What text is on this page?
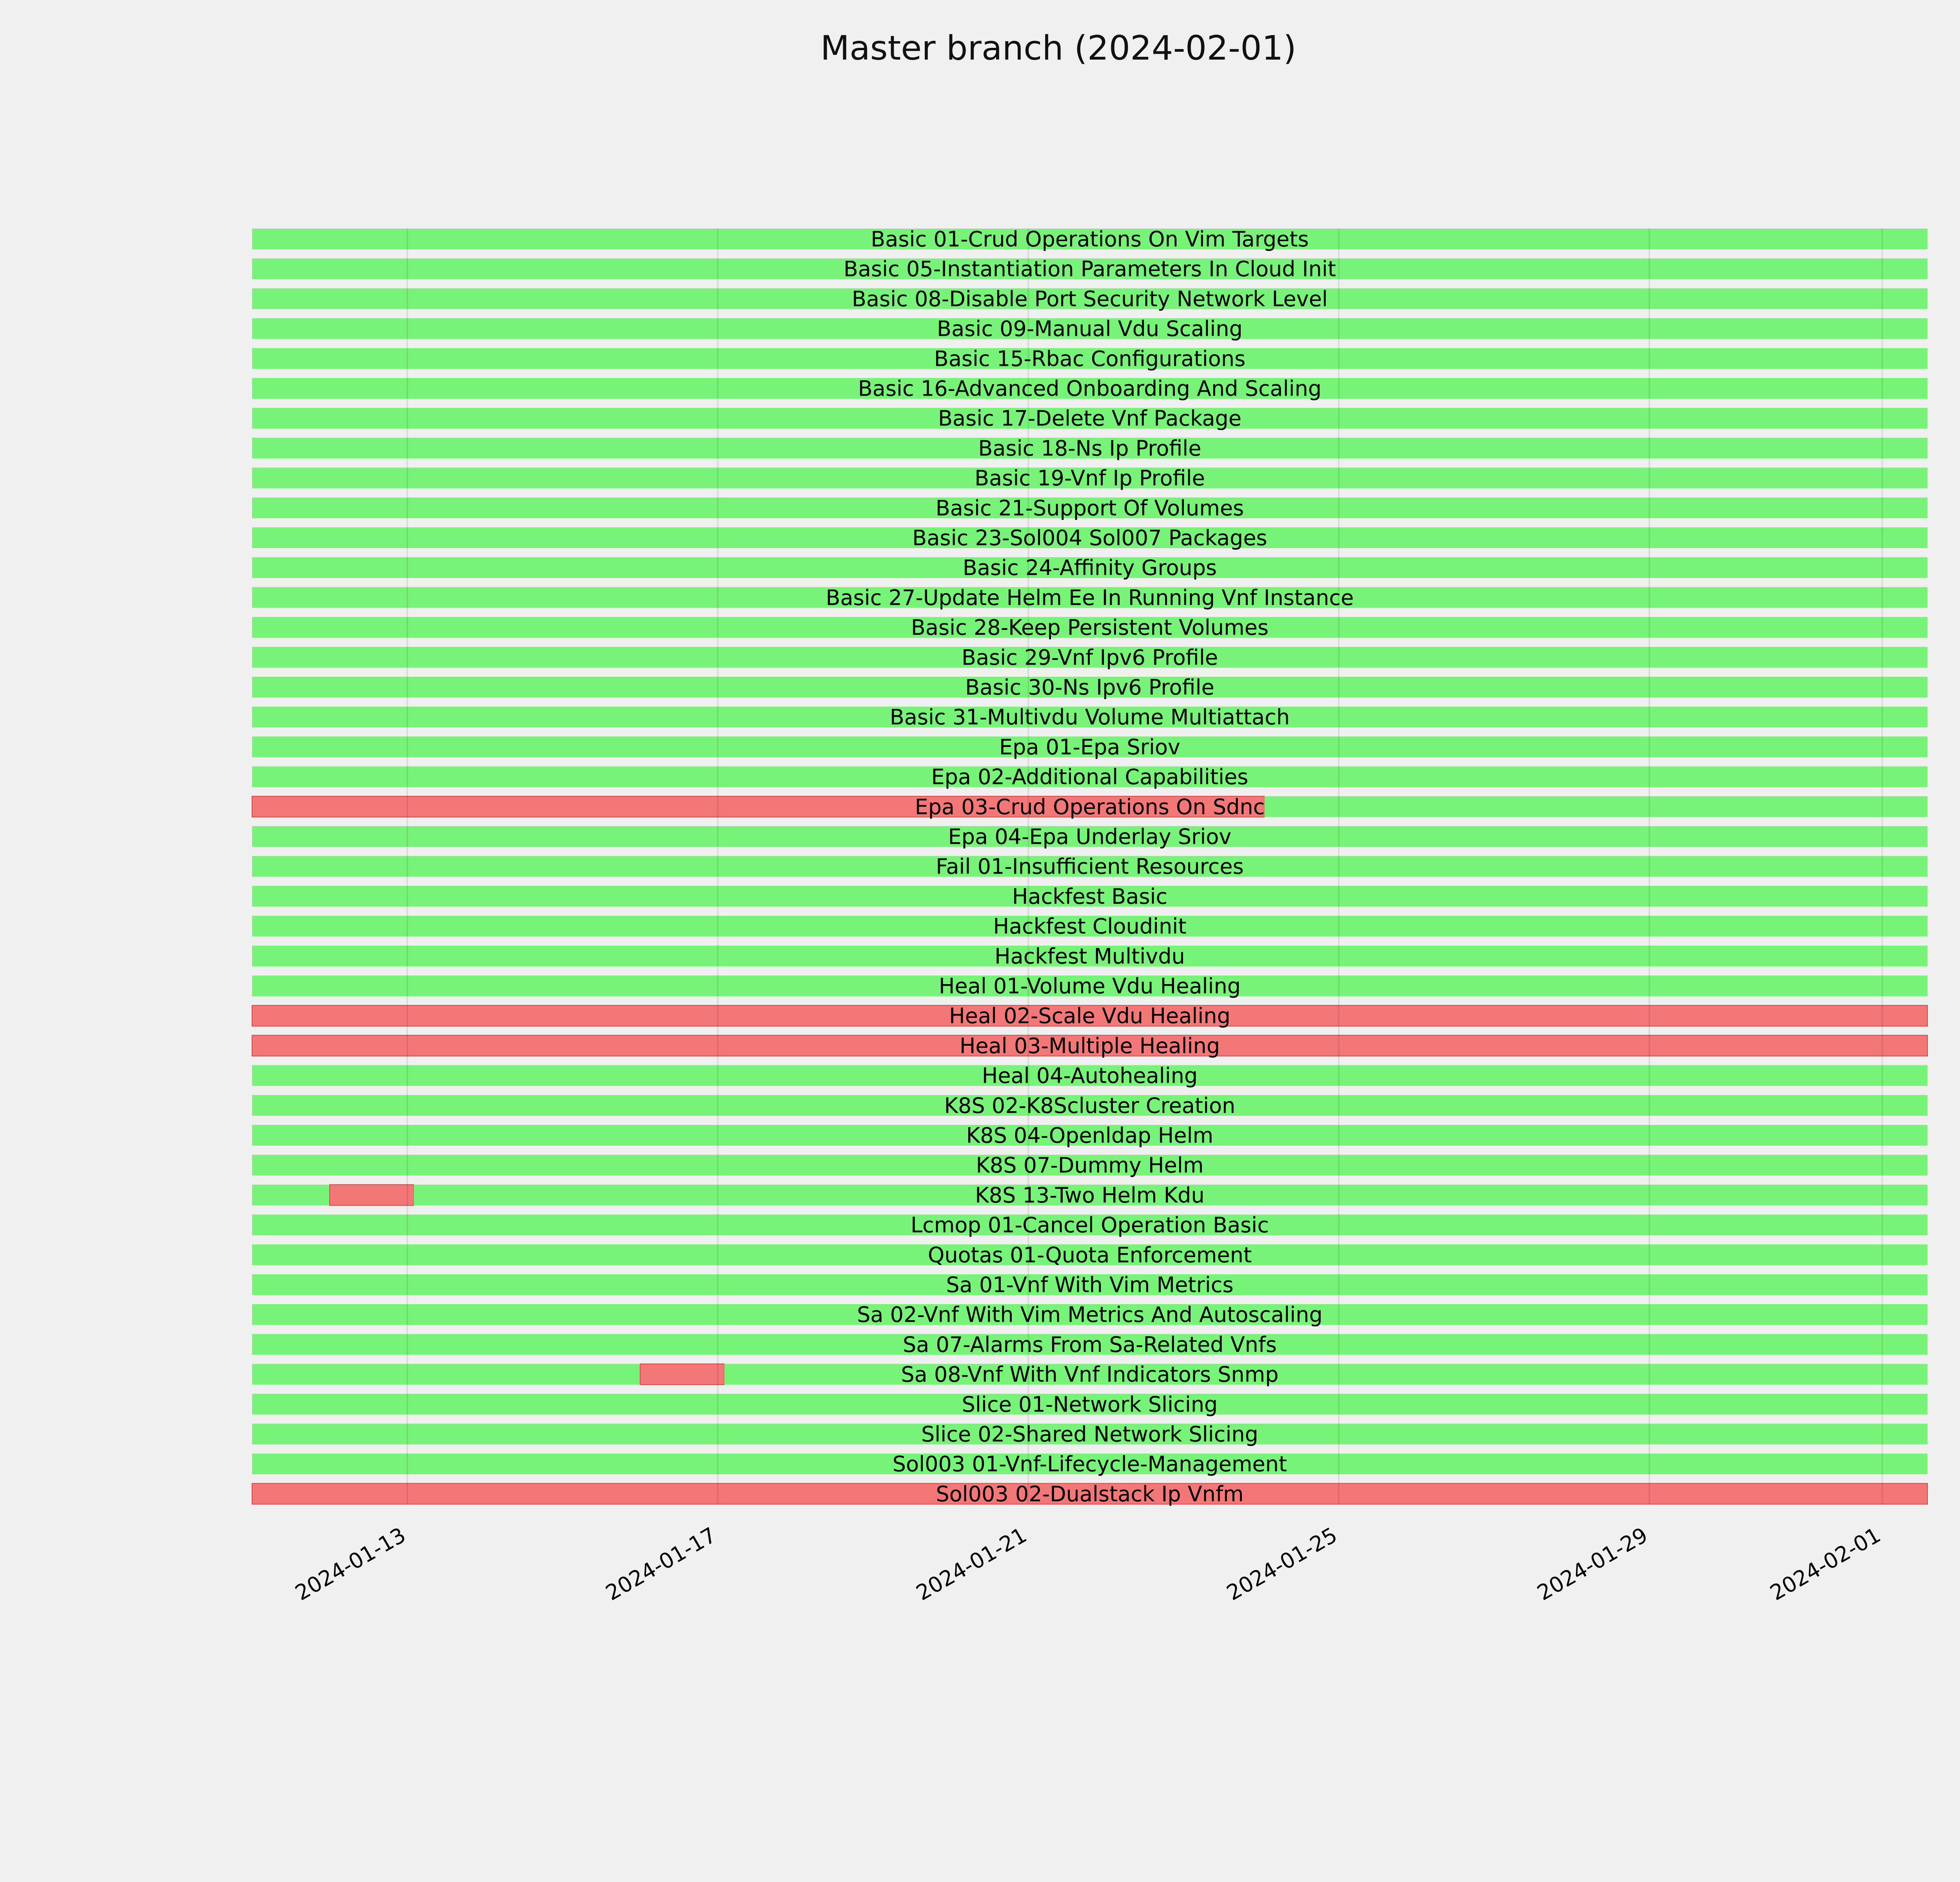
Master branch (2024-02-01)
Basic 01-Crud Operations On Vim Targets
Basic 05-Instantiation Parameters In Cloud Init
Basic 08-Disable Port Security Network Level
Basic 09-Manual Vdu Scaling
Basic 15-Rbac Configurations
Basic 16-Advanced Onboarding And Scaling
Basic 17-Delete Vnf Package
Basic 18-Ns Ip Profile
Basic 19-Vnf Ip Profile
Basic 21-Support Of Volumes
Basic 23-Sol004 Sol007 Packages
Basic 24-Affinity Groups
Basic 27-Update Helm Ee In Running Vnf Instance
Basic 28-Keep Persistent Volumes
Basic 29-Vnf Ipv6 Profile
Basic 30-Ns Ipv6 Profile
Basic 31-Multivdu Volume Multiattach
Epa 01-Epa Sriov
Epa 02-Additional Capabilities
Epa 03-Crud Operations On Sdnc
Epa 04-Epa Underlay Sriov
Fail 01-Insufficient Resources
Hackfest Basic
Hackfest Cloudinit
Hackfest Multivdu
Heal 01-Volume Vdu Healing
Heal 02-Scale Vdu Healing
Heal 03-Multiple Healing
Heal 04-Autohealing
K8S 02-K8Scluster Creation
K8S 04-Openldap Helm
K8S 07-Dummy Helm
K8S 13-Two Helm Kdu
Lcmop 01-Cancel Operation Basic
Quotas 01-Quota Enforcement
Sa 01-Vnf With Vim Metrics
Sa 02-Vnf With Vim Metrics And Autoscaling
Sa 07-Alarms From Sa-Related Vnfs
Sa 08-Vnf With Vnf Indicators Snmp
Slice 01-Network Slicing
Slice 02-Shared Network Slicing
Sol003 01-Vnf-Lifecycle-Management
Sol003 02-Dualstack Ip Vnfm
2024-01-13	2024-01-17	2024-01-21	2024-01-25	2024-01-29	2024-02-01
